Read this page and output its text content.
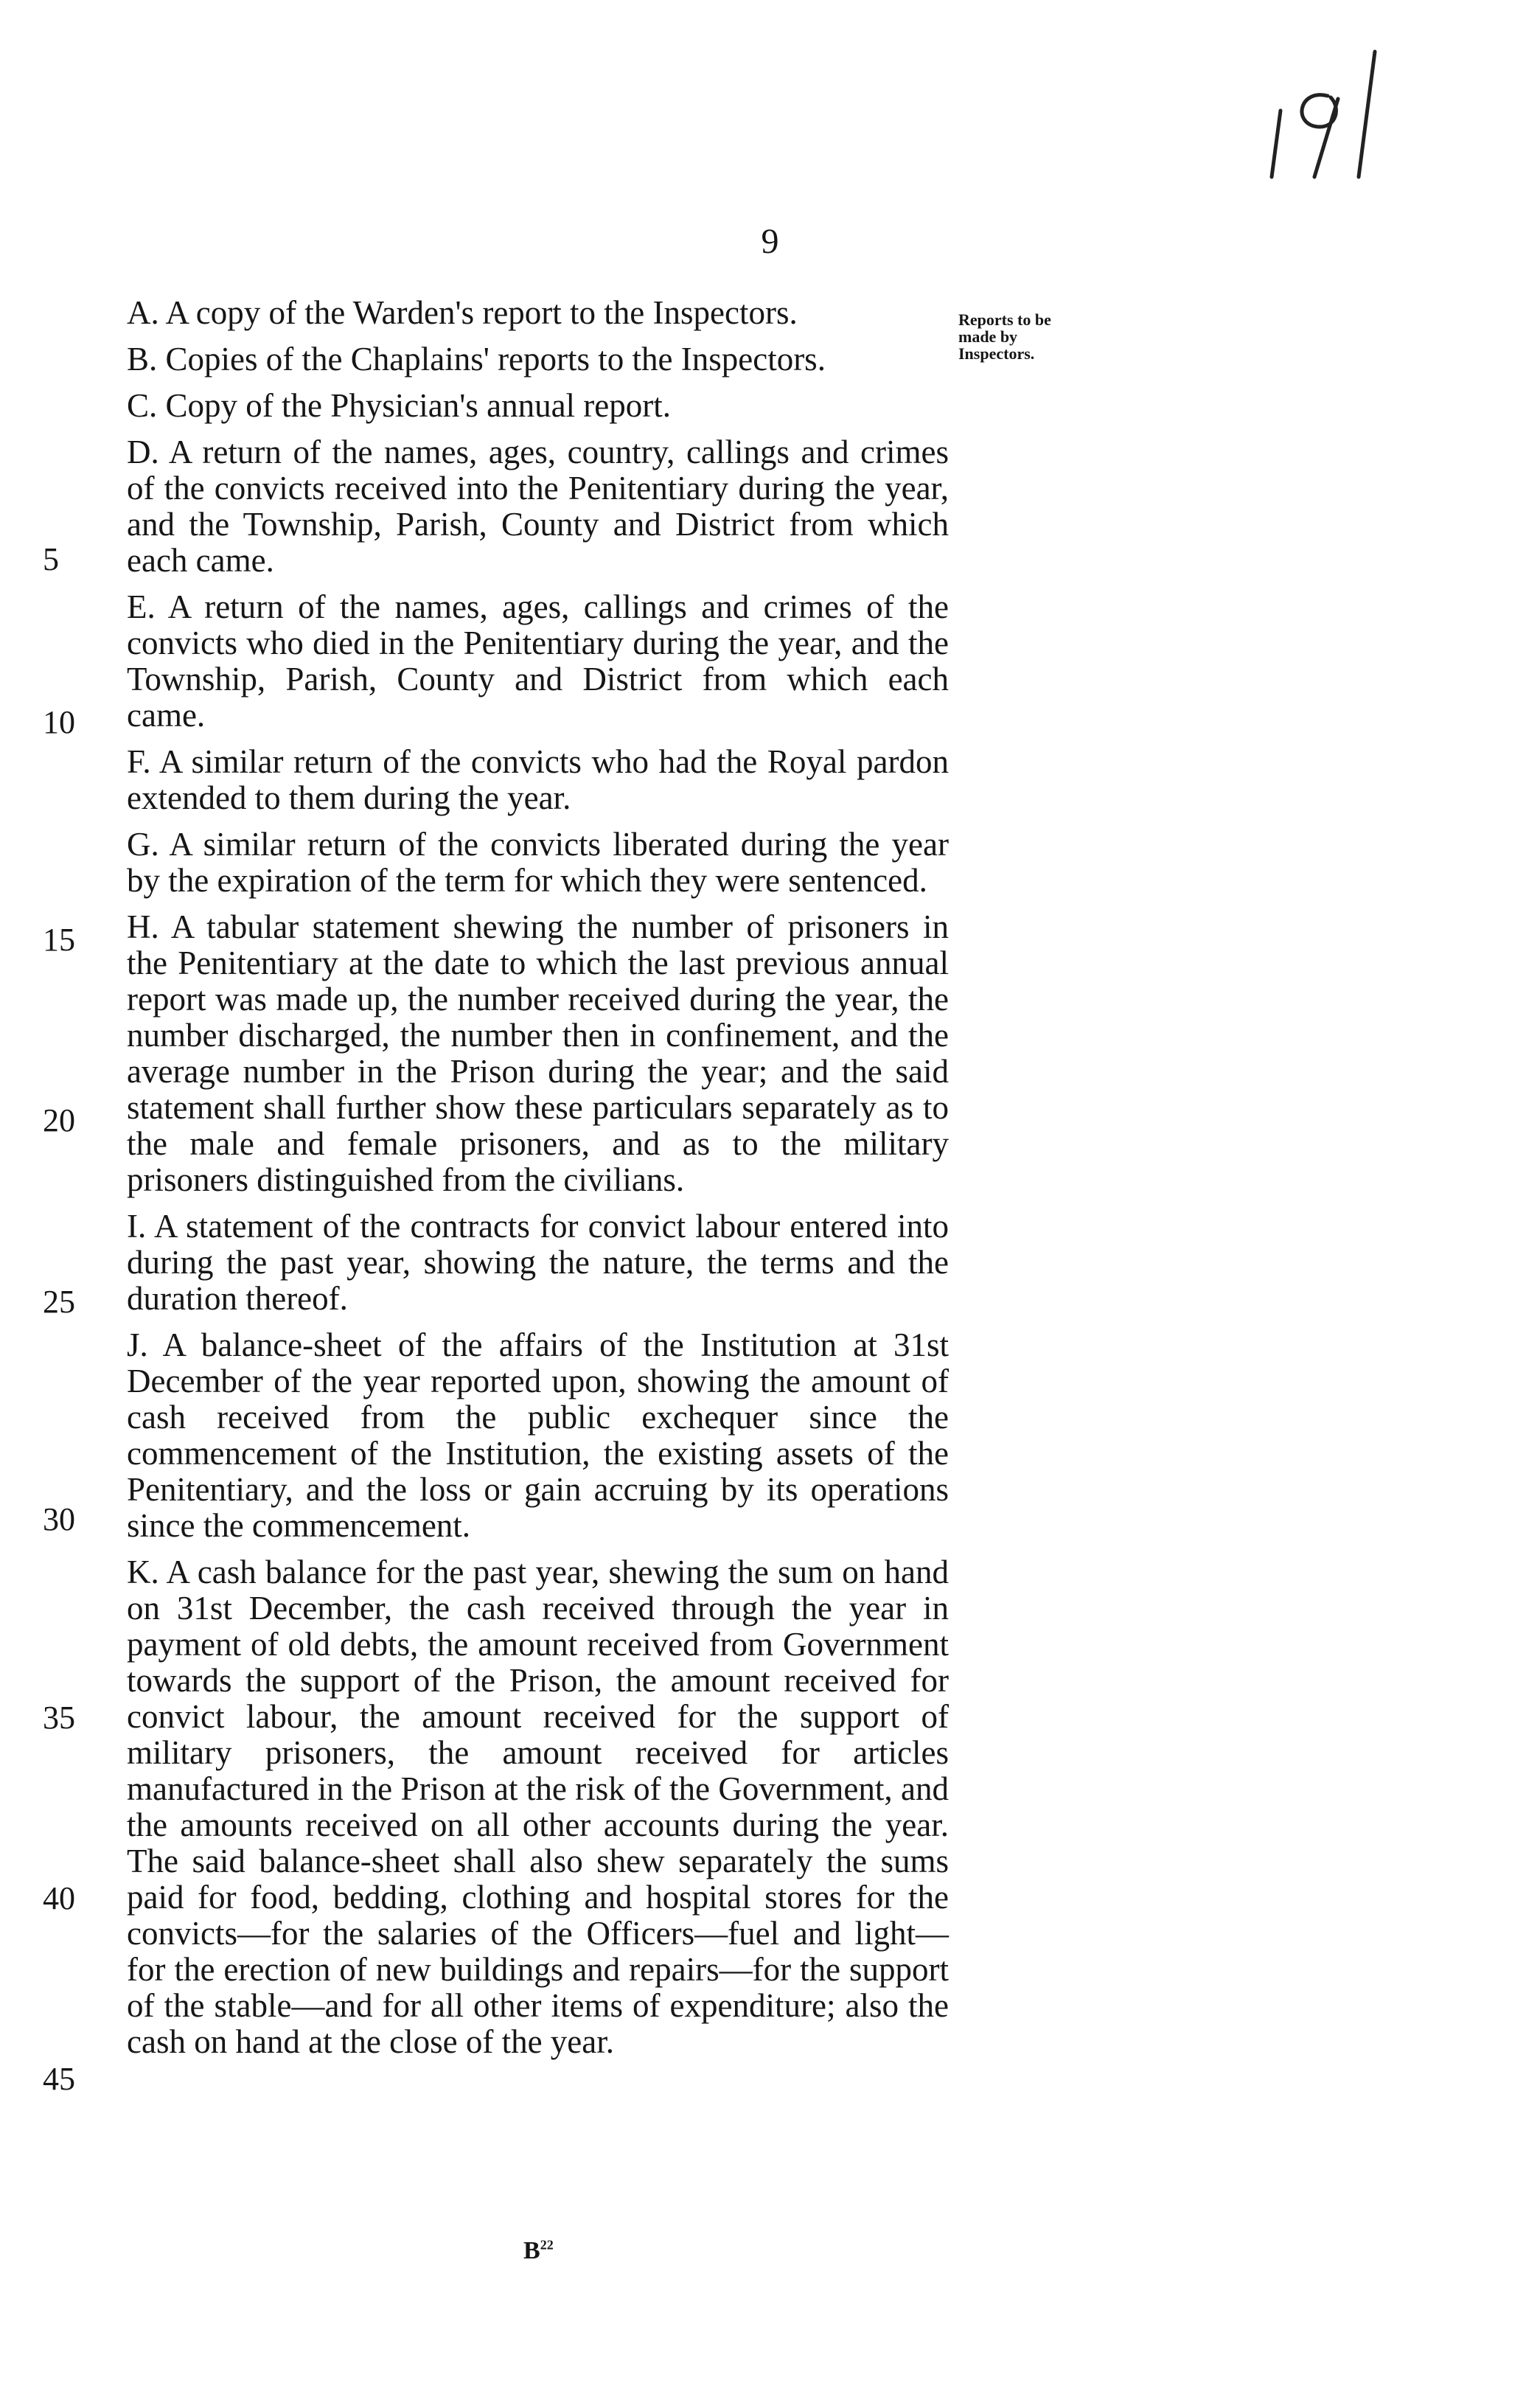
9
Reports to be made by Inspectors.

A. A copy of the Warden's report to the Inspectors.

B. Copies of the Chaplains' reports to the Inspectors.

C. Copy of the Physician's annual report.

D. A return of the names, ages, country, callings and crimes of the convicts received into the Penitentiary during the year, and the Township, Parish, County and District from which each came.

E. A return of the names, ages, callings and crimes of the convicts who died in the Penitentiary during the year, and the Township, Parish, County and District from which each came.

F. A similar return of the convicts who had the Royal pardon extended to them during the year.

G. A similar return of the convicts liberated during the year by the expiration of the term for which they were sentenced.

H. A tabular statement shewing the number of prisoners in the Penitentiary at the date to which the last previous annual report was made up, the number received during the year, the number discharged, the number then in confinement, and the average number in the Prison during the year; and the said statement shall further show these particulars separately as to the male and female prisoners, and as to the military prisoners distinguished from the civilians.

I. A statement of the contracts for convict labour entered into during the past year, showing the nature, the terms and the duration thereof.

J. A balance-sheet of the affairs of the Institution at 31st December of the year reported upon, showing the amount of cash received from the public exchequer since the commencement of the Institution, the existing assets of the Penitentiary, and the loss or gain accruing by its operations since the commencement.

K. A cash balance for the past year, shewing the sum on hand on 31st December, the cash received through the year in payment of old debts, the amount received from Government towards the support of the Prison, the amount received for convict labour, the amount received for the support of military prisoners, the amount received for articles manufactured in the Prison at the risk of the Government, and the amounts received on all other accounts during the year. The said balance-sheet shall also shew separately the sums paid for food, bedding, clothing and hospital stores for the convicts—for the salaries of the Officers—fuel and light—for the erection of new buildings and repairs—for the support of the stable—and for all other items of expenditure; also the cash on hand at the close of the year.

5
10
15
20
25
30
35
40
45
$B^{22}$
